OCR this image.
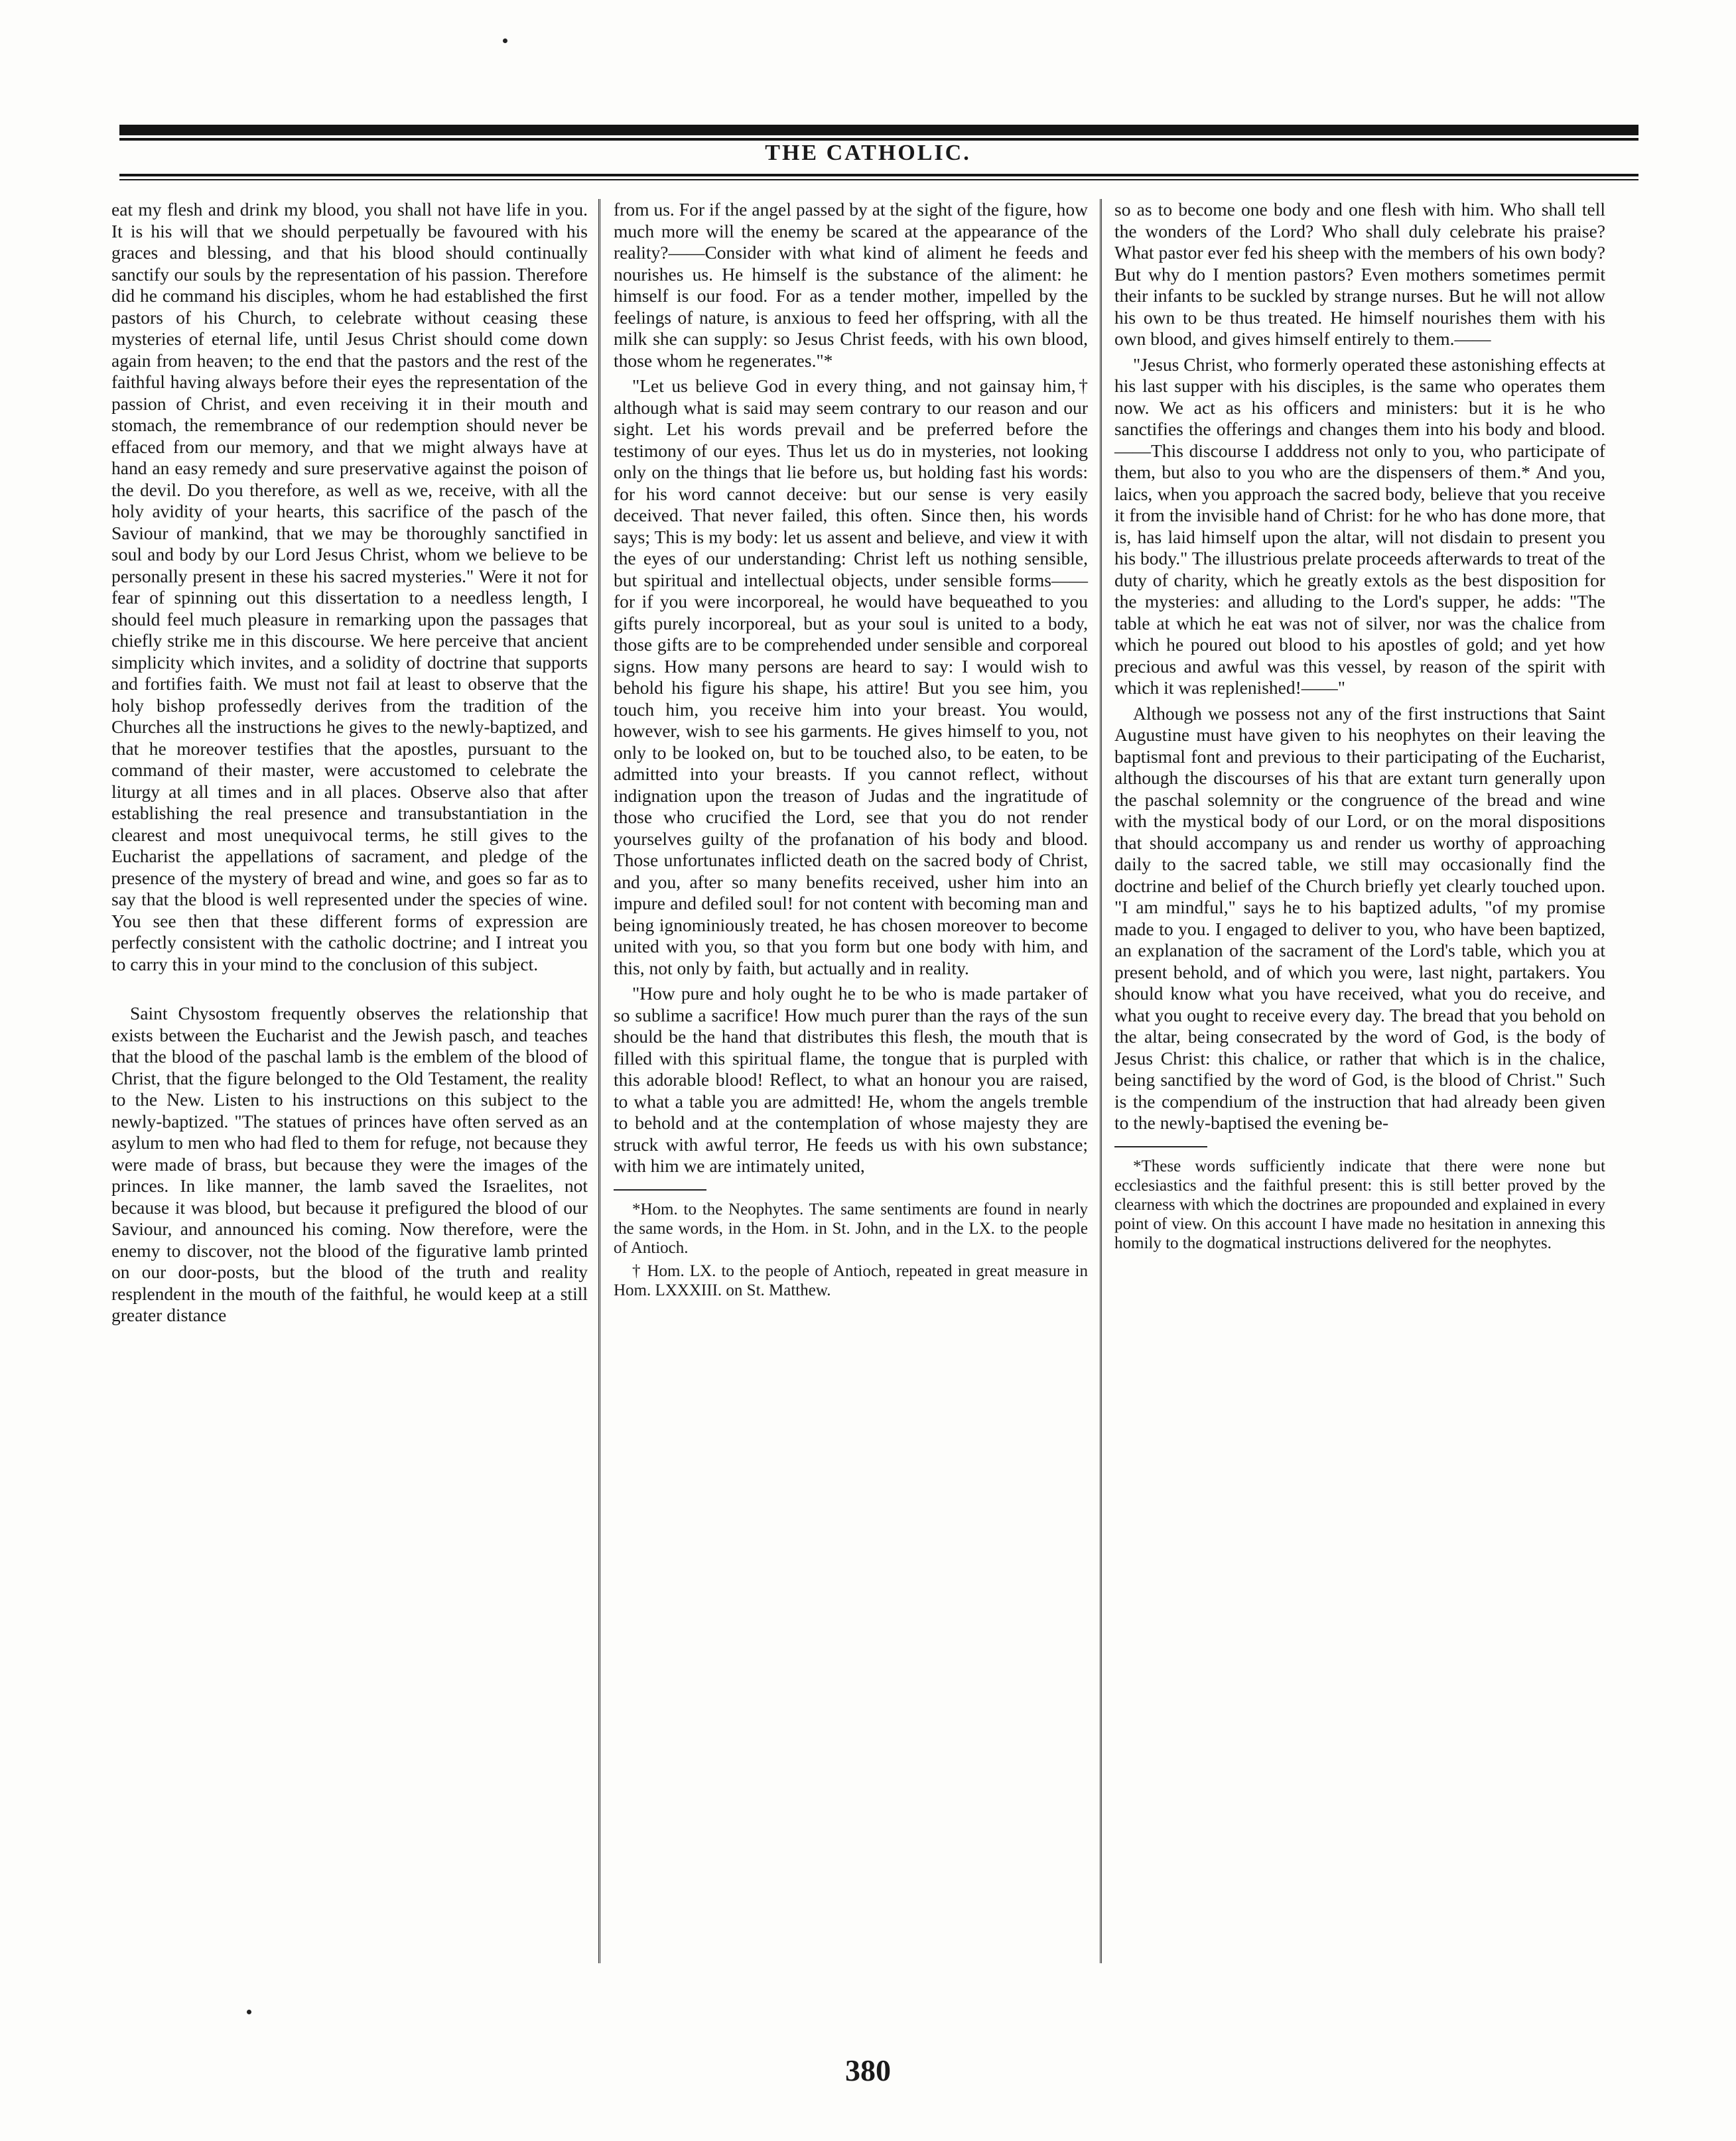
THE CATHOLIC.

eat my flesh and drink my blood, you shall not have life in you. It is his will that we should perpetually be favoured with his graces and blessing, and that his blood should continually sanctify our souls by the representation of his passion. Therefore did he command his disciples, whom he had established the first pastors of his Church, to celebrate without ceasing these mysteries of eternal life, until Jesus Christ should come down again from heaven; to the end that the pastors and the rest of the faithful having always before their eyes the representation of the passion of Christ, and even receiving it in their mouth and stomach, the remembrance of our redemption should never be effaced from our memory, and that we might always have at hand an easy remedy and sure preservative against the poison of the devil. Do you therefore, as well as we, receive, with all the holy avidity of your hearts, this sacrifice of the pasch of the Saviour of mankind, that we may be thoroughly sanctified in soul and body by our Lord Jesus Christ, whom we believe to be personally present in these his sacred mysteries." Were it not for fear of spinning out this dissertation to a needless length, I should feel much pleasure in remarking upon the passages that chiefly strike me in this discourse. We here perceive that ancient simplicity which invites, and a solidity of doctrine that supports and fortifies faith. We must not fail at least to observe that the holy bishop professedly derives from the tradition of the Churches all the instructions he gives to the newly-baptized, and that he moreover testifies that the apostles, pursuant to the command of their master, were accustomed to celebrate the liturgy at all times and in all places. Observe also that after establishing the real presence and transubstantiation in the clearest and most unequivocal terms, he still gives to the Eucharist the appellations of sacrament, and pledge of the presence of the mystery of bread and wine, and goes so far as to say that the blood is well represented under the species of wine. You see then that these different forms of expression are perfectly consistent with the catholic doctrine; and I intreat you to carry this in your mind to the conclusion of this subject.

Saint Chysostom frequently observes the relationship that exists between the Eucharist and the Jewish pasch, and teaches that the blood of the paschal lamb is the emblem of the blood of Christ, that the figure belonged to the Old Testament, the reality to the New. Listen to his instructions on this subject to the newly-baptized. "The statues of princes have often served as an asylum to men who had fled to them for refuge, not because they were made of brass, but because they were the images of the princes. In like manner, the lamb saved the Israelites, not because it was blood, but because it prefigured the blood of our Saviour, and announced his coming. Now therefore, were the enemy to discover, not the blood of the figurative lamb printed on our door-posts, but the blood of the truth and reality resplendent in the mouth of the faithful, he would keep at a still greater distance

from us. For if the angel passed by at the sight of the figure, how much more will the enemy be scared at the appearance of the reality?——Consider with what kind of aliment he feeds and nourishes us. He himself is the substance of the aliment: he himself is our food. For as a tender mother, impelled by the feelings of nature, is anxious to feed her offspring, with all the milk she can supply: so Jesus Christ feeds, with his own blood, those whom he regenerates."*

"Let us believe God in every thing, and not gainsay him,† although what is said may seem contrary to our reason and our sight. Let his words prevail and be preferred before the testimony of our eyes. Thus let us do in mysteries, not looking only on the things that lie before us, but holding fast his words: for his word cannot deceive: but our sense is very easily deceived. That never failed, this often. Since then, his words says; This is my body: let us assent and believe, and view it with the eyes of our understanding: Christ left us nothing sensible, but spiritual and intellectual objects, under sensible forms——for if you were incorporeal, he would have bequeathed to you gifts purely incorporeal, but as your soul is united to a body, those gifts are to be comprehended under sensible and corporeal signs. How many persons are heard to say: I would wish to behold his figure his shape, his attire! But you see him, you touch him, you receive him into your breast. You would, however, wish to see his garments. He gives himself to you, not only to be looked on, but to be touched also, to be eaten, to be admitted into your breasts. If you cannot reflect, without indignation upon the treason of Judas and the ingratitude of those who crucified the Lord, see that you do not render yourselves guilty of the profanation of his body and blood. Those unfortunates inflicted death on the sacred body of Christ, and you, after so many benefits received, usher him into an impure and defiled soul! for not content with becoming man and being ignominiously treated, he has chosen moreover to become united with you, so that you form but one body with him, and this, not only by faith, but actually and in reality.

"How pure and holy ought he to be who is made partaker of so sublime a sacrifice! How much purer than the rays of the sun should be the hand that distributes this flesh, the mouth that is filled with this spiritual flame, the tongue that is purpled with this adorable blood! Reflect, to what an honour you are raised, to what a table you are admitted! He, whom the angels tremble to behold and at the contemplation of whose majesty they are struck with awful terror, He feeds us with his own substance; with him we are intimately united,

*Hom. to the Neophytes. The same sentiments are found in nearly the same words, in the Hom. in St. John, and in the LX. to the people of Antioch.

† Hom. LX. to the people of Antioch, repeated in great measure in Hom. LXXXIII. on St. Matthew.

so as to become one body and one flesh with him. Who shall tell the wonders of the Lord? Who shall duly celebrate his praise? What pastor ever fed his sheep with the members of his own body? But why do I mention pastors? Even mothers sometimes permit their infants to be suckled by strange nurses. But he will not allow his own to be thus treated. He himself nourishes them with his own blood, and gives himself entirely to them.——

"Jesus Christ, who formerly operated these astonishing effects at his last supper with his disciples, is the same who operates them now. We act as his officers and ministers: but it is he who sanctifies the offerings and changes them into his body and blood.——This discourse I adddress not only to you, who participate of them, but also to you who are the dispensers of them.* And you, laics, when you approach the sacred body, believe that you receive it from the invisible hand of Christ: for he who has done more, that is, has laid himself upon the altar, will not disdain to present you his body." The illustrious prelate proceeds afterwards to treat of the duty of charity, which he greatly extols as the best disposition for the mysteries: and alluding to the Lord's supper, he adds: "The table at which he eat was not of silver, nor was the chalice from which he poured out blood to his apostles of gold; and yet how precious and awful was this vessel, by reason of the spirit with which it was replenished!——"

Although we possess not any of the first instructions that Saint Augustine must have given to his neophytes on their leaving the baptismal font and previous to their participating of the Eucharist, although the discourses of his that are extant turn generally upon the paschal solemnity or the congruence of the bread and wine with the mystical body of our Lord, or on the moral dispositions that should accompany us and render us worthy of approaching daily to the sacred table, we still may occasionally find the doctrine and belief of the Church briefly yet clearly touched upon. "I am mindful," says he to his baptized adults, "of my promise made to you. I engaged to deliver to you, who have been baptized, an explanation of the sacrament of the Lord's table, which you at present behold, and of which you were, last night, partakers. You should know what you have received, what you do receive, and what you ought to receive every day. The bread that you behold on the altar, being consecrated by the word of God, is the body of Jesus Christ: this chalice, or rather that which is in the chalice, being sanctified by the word of God, is the blood of Christ." Such is the compendium of the instruction that had already been given to the newly-baptised the evening be-

*These words sufficiently indicate that there were none but ecclesiastics and the faithful present: this is still better proved by the clearness with which the doctrines are propounded and explained in every point of view. On this account I have made no hesitation in annexing this homily to the dogmatical instructions delivered for the neophytes.

380
